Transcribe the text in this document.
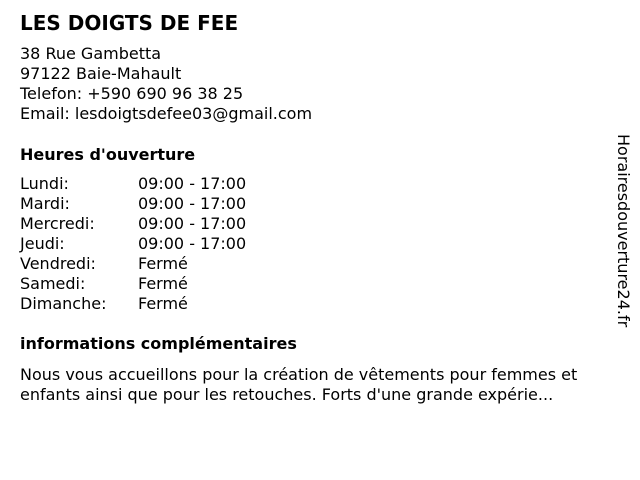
LES DOIGTS DE FEE
38 Rue Gambetta
97122 Baie-Mahault
Telefon: +590 690 96 38 25
Email: lesdoigtsdefee03@gmail.com
Heures d'ouverture
Lundi:	09:00 - 17:00
Mardi:	09:00 - 17:00
Mercredi:	09:00 - 17:00
Jeudi:	09:00 - 17:00
Vendredi:	Fermé
Samedi:	Fermé
Dimanche:	Fermé
informations complémentaires
Nous vous accueillons pour la création de vêtements pour femmes et
enfants ainsi que pour les retouches. Forts d'une grande expérie...
Horairesdouverture24.fr
